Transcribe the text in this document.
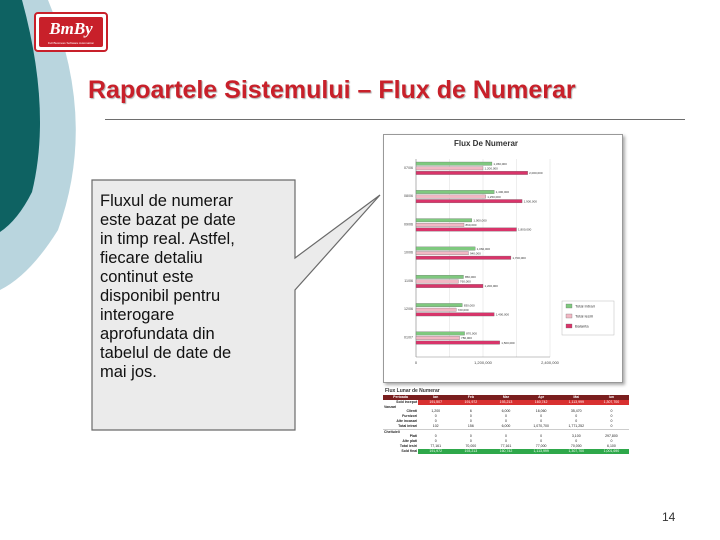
BmBy
Full Business Software Automation
Rapoartele Sistemului – Flux de Numerar
Fluxul de numerar
este bazat pe date
in timp real. Astfel,
fiecare detaliu
continut este
disponibil pentru
interogare
aprofundata din
tabelul de date de
mai jos.
Flux De Numerar
0	1,200,000	2,400,000
07/06
1,360,000
1,200,000
2,000,000
08/06
1,400,000
1,250,000
1,900,000
09/06
1,000,000
860,000
1,800,000
10/06
1,060,000
940,000
1,700,000
11/06
850,000
760,000
1,200,000
12/06
830,000
720,000
1,400,000
01/07
870,000
780,000
1,500,000
Total Intrari
Total Iesiri
Balanta
Flux Lunar de Numerar
Perioada	Ian	Feb	Mar	Apr	Mai	Iun
Sold inceput	191,507	191,972	193,213	160,742	1,113,999	1,307,700
Vanzari						
Clienti	1,200	6	6,000	16,060	35,470	0
Furnizori	0	0	0	0	0	0
Alte incasari	0	0	0	0	0	0
Total intrari	102	156	6,000	1,070,700	1,771,252	0
Cheltuieli						
Plati	0	0	0	0	3,100	297,800
Alte plati	0	0	0	0	0	0
Total iesiri	77,161	70,000	77,161	77,000	70,000	6,100
Sold final	191,972	193,213	160,742	1,113,999	1,307,700	1,001,690
14
